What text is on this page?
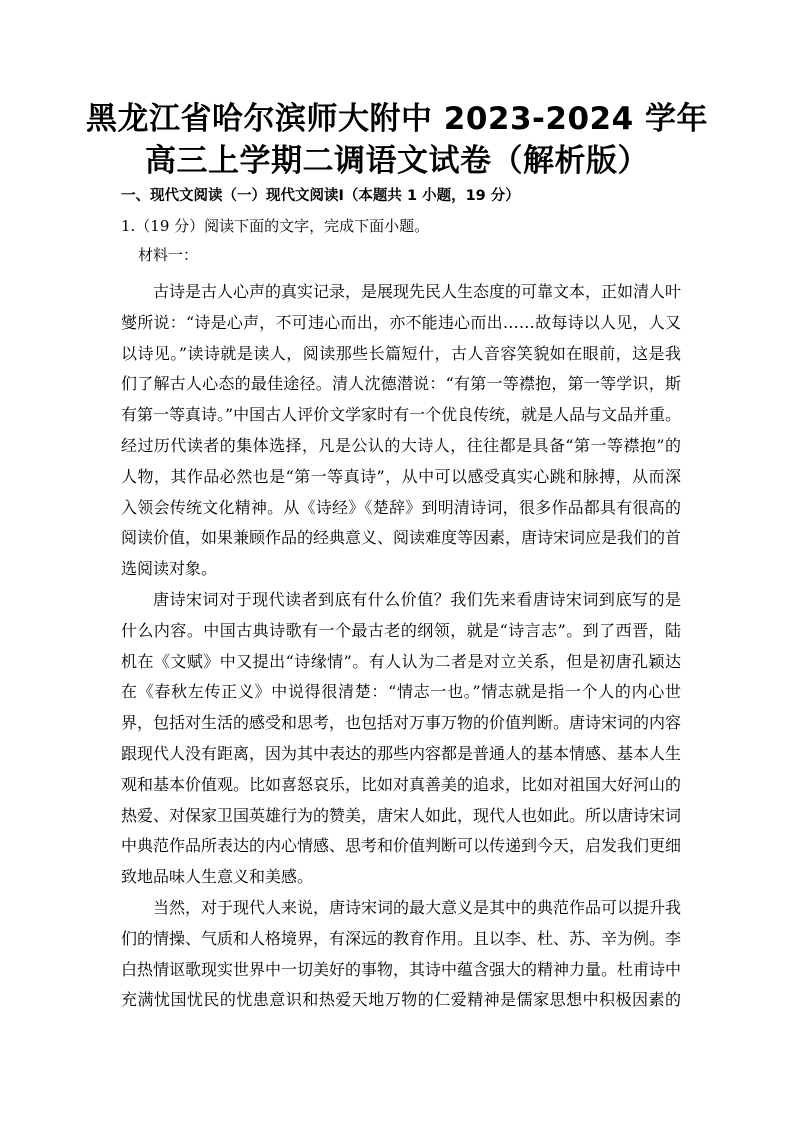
黑龙江省哈尔滨师大附中 2023-2024 学年
高三上学期二调语文试卷（解析版）
一、现代文阅读（一）现代文阅读Ⅰ（本题共 1 小题，19 分）
1.（19 分）阅读下面的文字，完成下面小题。
材料一：
古诗是古人心声的真实记录，是展现先民人生态度的可靠文本，正如清人叶
燮所说：“诗是心声，不可违心而出，亦不能违心而出……故每诗以人见，人又
以诗见。”读诗就是读人，阅读那些长篇短什，古人音容笑貌如在眼前，这是我
们了解古人心态的最佳途径。清人沈德潜说：“有第一等襟抱，第一等学识，斯
有第一等真诗。”中国古人评价文学家时有一个优良传统，就是人品与文品并重。
经过历代读者的集体选择，凡是公认的大诗人，往往都是具备“第一等襟抱”的
人物，其作品必然也是“第一等真诗”，从中可以感受真实心跳和脉搏，从而深
入领会传统文化精神。从《诗经》《楚辞》到明清诗词，很多作品都具有很高的
阅读价值，如果兼顾作品的经典意义、阅读难度等因素，唐诗宋词应是我们的首
选阅读对象。
唐诗宋词对于现代读者到底有什么价值？我们先来看唐诗宋词到底写的是
什么内容。中国古典诗歌有一个最古老的纲领，就是“诗言志”。到了西晋，陆
机在《文赋》中又提出“诗缘情”。有人认为二者是对立关系，但是初唐孔颖达
在《春秋左传正义》中说得很清楚：“情志一也。”情志就是指一个人的内心世
界，包括对生活的感受和思考，也包括对万事万物的价值判断。唐诗宋词的内容
跟现代人没有距离，因为其中表达的那些内容都是普通人的基本情感、基本人生
观和基本价值观。比如喜怒哀乐，比如对真善美的追求，比如对祖国大好河山的
热爱、对保家卫国英雄行为的赞美，唐宋人如此，现代人也如此。所以唐诗宋词
中典范作品所表达的内心情感、思考和价值判断可以传递到今天，启发我们更细
致地品味人生意义和美感。
当然，对于现代人来说，唐诗宋词的最大意义是其中的典范作品可以提升我
们的情操、气质和人格境界，有深远的教育作用。且以李、杜、苏、辛为例。李
白热情讴歌现实世界中一切美好的事物，其诗中蕴含强大的精神力量。杜甫诗中
充满忧国忧民的忧患意识和热爱天地万物的仁爱精神是儒家思想中积极因素的
